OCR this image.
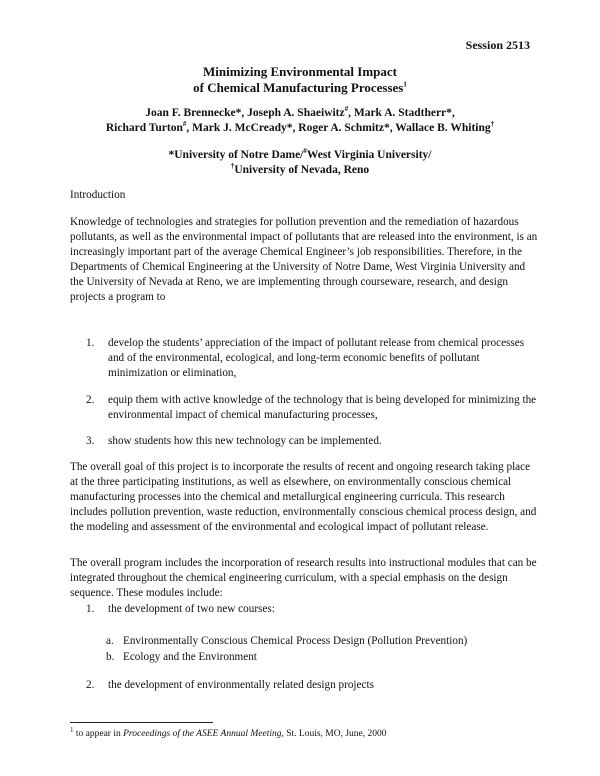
Session 2513
Minimizing Environmental Impact
of Chemical Manufacturing Processes$^1$
Joan F. Brennecke*, Joseph A. Shaeiwitz#, Mark A. Stadtherr*,
Richard Turton#, Mark J. McCready*, Roger A. Schmitz*, Wallace B. Whiting†
*University of Notre Dame/#West Virginia University/
†University of Nevada, Reno
Introduction
Knowledge of technologies and strategies for pollution prevention and the remediation of hazardous pollutants, as well as the environmental impact of pollutants that are released into the environment, is an increasingly important part of the average Chemical Engineer’s job responsibilities. Therefore, in the Departments of Chemical Engineering at the University of Notre Dame, West Virginia University and the University of Nevada at Reno, we are implementing through courseware, research, and design projects a program to
1. develop the students’ appreciation of the impact of pollutant release from chemical processes and of the environmental, ecological, and long-term economic benefits of pollutant minimization or elimination,
2. equip them with active knowledge of the technology that is being developed for minimizing the environmental impact of chemical manufacturing processes,
3. show students how this new technology can be implemented.
The overall goal of this project is to incorporate the results of recent and ongoing research taking place at the three participating institutions, as well as elsewhere, on environmentally conscious chemical manufacturing processes into the chemical and metallurgical engineering curricula. This research includes pollution prevention, waste reduction, environmentally conscious chemical process design, and the modeling and assessment of the environmental and ecological impact of pollutant release.
The overall program includes the incorporation of research results into instructional modules that can be integrated throughout the chemical engineering curriculum, with a special emphasis on the design sequence. These modules include:
1. the development of two new courses:
a. Environmentally Conscious Chemical Process Design (Pollution Prevention)
b. Ecology and the Environment
2. the development of environmentally related design projects
$^1$ to appear in Proceedings of the ASEE Annual Meeting, St. Louis, MO, June, 2000
